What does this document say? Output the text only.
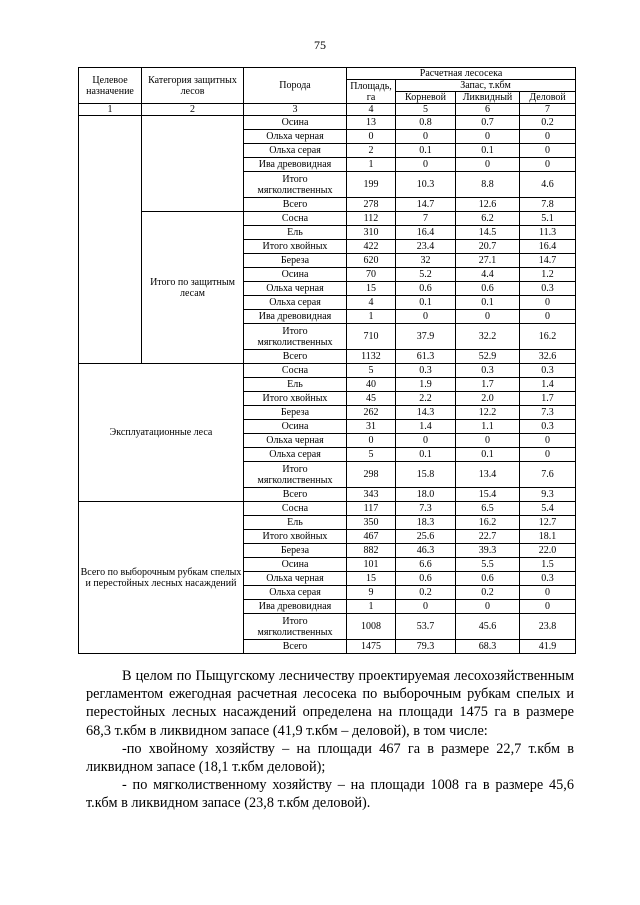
75
Целевое назначение	Категория защитных лесов	Порода	Расчетная лесосека			
			Площадь, га	Запас, т.кбм		
				Корневой	Ликвидный	Деловой
1	2	3	4	5	6	7
		Осина	13	0.8	0.7	0.2
		Ольха черная	0	0	0	0
		Ольха серая	2	0.1	0.1	0
		Ива древовидная	1	0	0	0
		Итого мягколиственных	199	10.3	8.8	4.6
		Всего	278	14.7	12.6	7.8
	Итого по защитным лесам	Сосна	112	7	6.2	5.1
		Ель	310	16.4	14.5	11.3
		Итого хвойных	422	23.4	20.7	16.4
		Береза	620	32	27.1	14.7
		Осина	70	5.2	4.4	1.2
		Ольха черная	15	0.6	0.6	0.3
		Ольха серая	4	0.1	0.1	0
		Ива древовидная	1	0	0	0
		Итого мягколиственных	710	37.9	32.2	16.2
		Всего	1132	61.3	52.9	32.6
Эксплуатационные леса		Сосна	5	0.3	0.3	0.3
		Ель	40	1.9	1.7	1.4
		Итого хвойных	45	2.2	2.0	1.7
		Береза	262	14.3	12.2	7.3
		Осина	31	1.4	1.1	0.3
		Ольха черная	0	0	0	0
		Ольха серая	5	0.1	0.1	0
		Итого мягколиственных	298	15.8	13.4	7.6
		Всего	343	18.0	15.4	9.3
Всего по выборочным рубкам спелых и перестойных лесных насаждений		Сосна	117	7.3	6.5	5.4
		Ель	350	18.3	16.2	12.7
		Итого хвойных	467	25.6	22.7	18.1
		Береза	882	46.3	39.3	22.0
		Осина	101	6.6	5.5	1.5
		Ольха черная	15	0.6	0.6	0.3
		Ольха серая	9	0.2	0.2	0
		Ива древовидная	1	0	0	0
		Итого мягколиственных	1008	53.7	45.6	23.8
		Всего	1475	79.3	68.3	41.9

В целом по Пыщугскому лесничеству проектируемая лесохозяйственным регламентом ежегодная расчетная лесосека по выборочным рубкам спелых и перестойных лесных насаждений определена на площади 1475 га в размере 68,3 т.кбм в ликвидном запасе (41,9 т.кбм – деловой), в том числе:

-по хвойному хозяйству – на площади 467 га в размере 22,7 т.кбм в ликвидном запасе (18,1 т.кбм деловой);

- по мягколиственному хозяйству – на площади 1008 га в размере 45,6 т.кбм в ликвидном запасе (23,8 т.кбм деловой).
